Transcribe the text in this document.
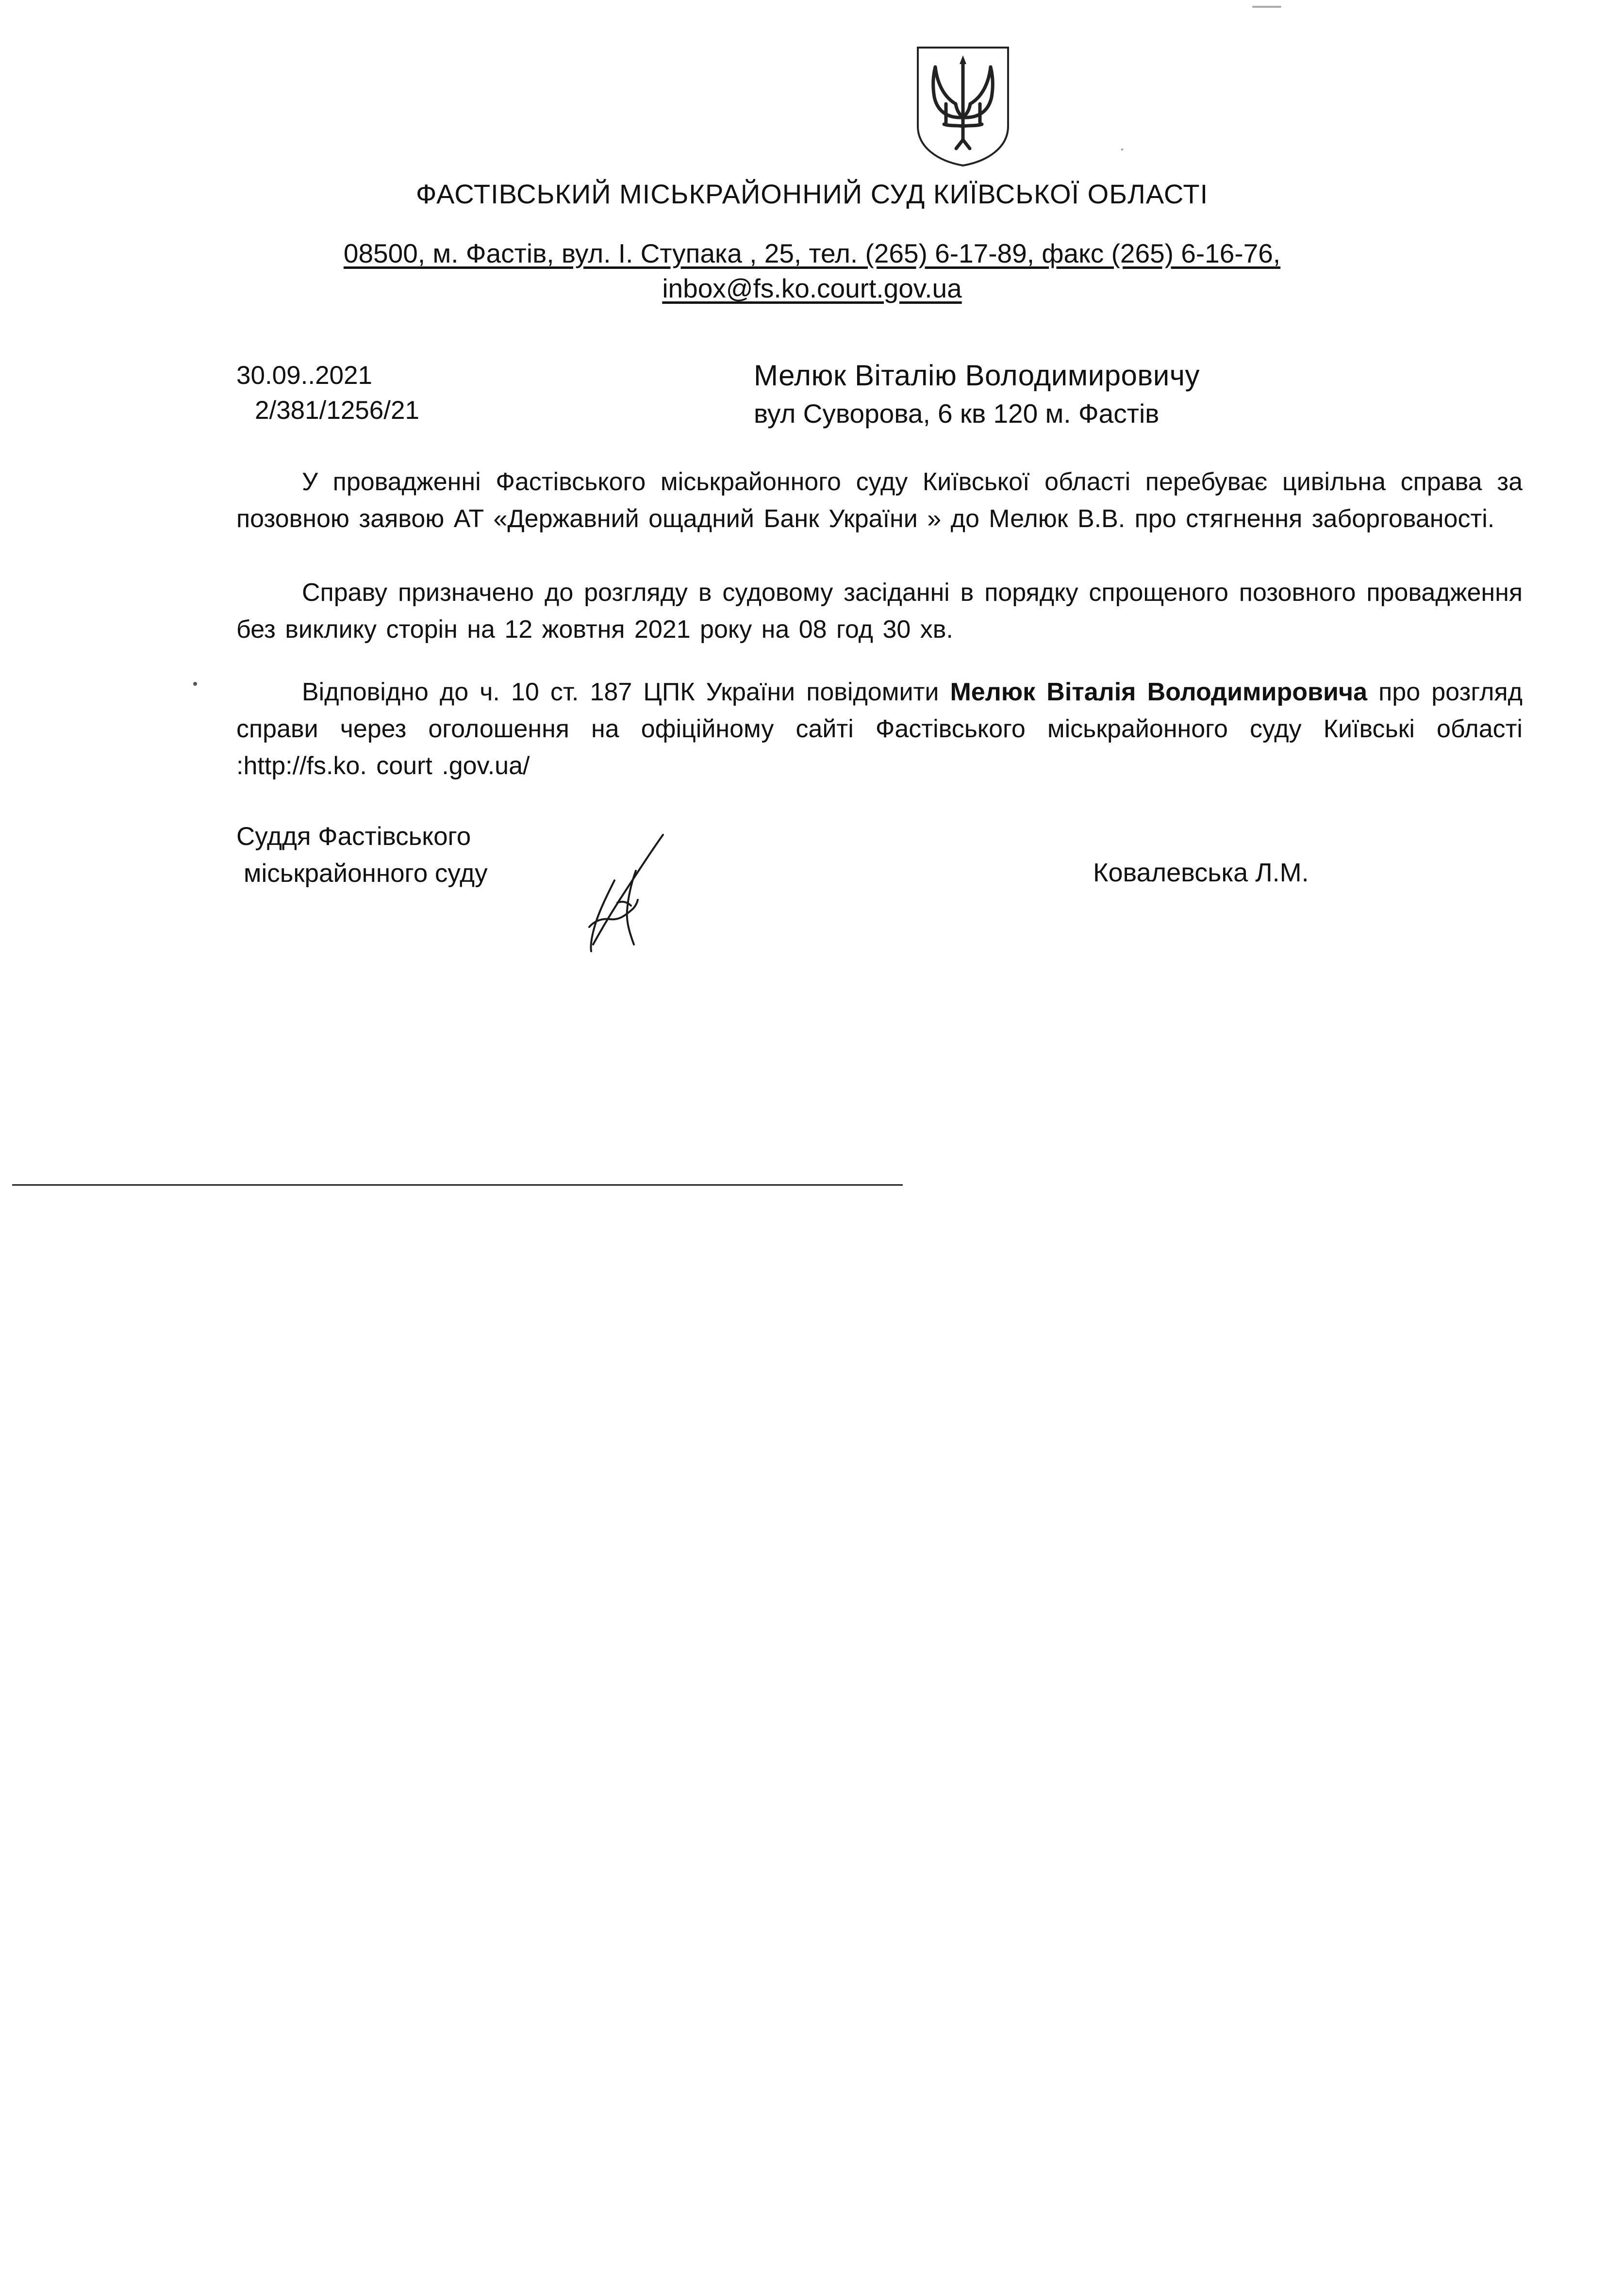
ФАСТІВСЬКИЙ МІСЬКРАЙОННИЙ СУД КИЇВСЬКОЇ ОБЛАСТІ
08500, м. Фастів, вул. І. Ступака , 25, тел. (265) 6-17-89, факс (265) 6-16-76,
inbox@fs.ko.court.gov.ua
30.09..2021
2/381/1256/21
Мелюк Віталію Володимировичу
вул Суворова, 6 кв 120 м. Фастів
У провадженні Фастівського міськрайонного суду Київської області перебуває цивільна справа за позовною заявою АТ «Державний ощадний Банк України » до Мелюк В.В. про стягнення заборгованості.
Справу призначено до розгляду в судовому засіданні в порядку спрощеного позовного провадження без виклику сторін на 12 жовтня 2021 року на 08 год 30 хв.
Відповідно до ч. 10 ст. 187 ЦПК України повідомити Мелюк Віталія Володимировича про розгляд справи через оголошення на офіційному сайті Фастівського міськрайонного суду Київські області :http://fs.ko. court .gov.ua/
Суддя Фастівського
міськрайонного суду	Ковалевська Л.М.
